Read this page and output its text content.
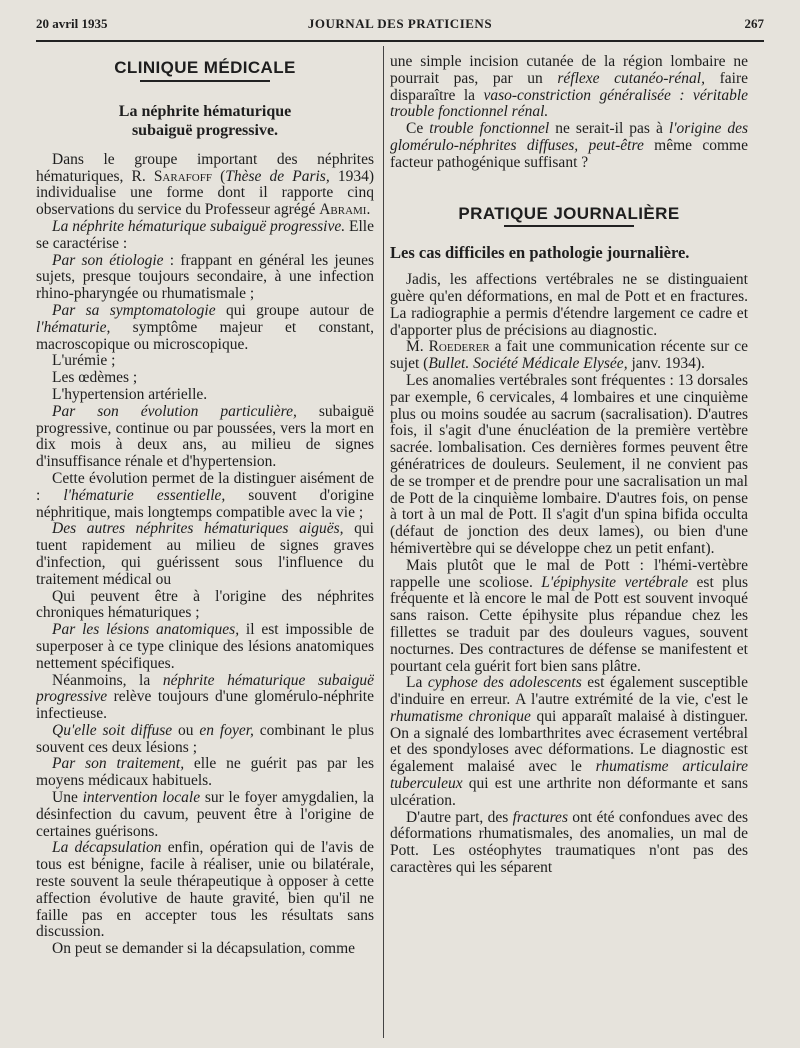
20 avril 1935	JOURNAL DES PRATICIENS	267
CLINIQUE MÉDICALE
La néphrite hématurique
subaiguë progressive.

Dans le groupe important des néphrites hématuriques, R. Sarafoff (Thèse de Paris, 1934) individualise une forme dont il rapporte cinq observations du service du Professeur agrégé Abrami.

La néphrite hématurique subaiguë progressive. Elle se caractérise :

Par son étiologie : frappant en général les jeunes sujets, presque toujours secondaire, à une infection rhino-pharyngée ou rhumatismale ;

Par sa symptomatologie qui groupe autour de l'hématurie, symptôme majeur et constant, macroscopique ou microscopique.

L'urémie ;

Les œdèmes ;

L'hypertension artérielle.

Par son évolution particulière, subaiguë progressive, continue ou par poussées, vers la mort en dix mois à deux ans, au milieu de signes d'insuffisance rénale et d'hypertension.

Cette évolution permet de la distinguer aisément de : l'hématurie essentielle, souvent d'origine néphritique, mais longtemps compatible avec la vie ;

Des autres néphrites hématuriques aiguës, qui tuent rapidement au milieu de signes graves d'infection, qui guérissent sous l'influence du traitement médical ou

Qui peuvent être à l'origine des néphrites chroniques hématuriques ;

Par les lésions anatomiques, il est impossible de superposer à ce type clinique des lésions anatomiques nettement spécifiques.

Néanmoins, la néphrite hématurique subaiguë progressive relève toujours d'une glomérulo-néphrite infectieuse.

Qu'elle soit diffuse ou en foyer, combinant le plus souvent ces deux lésions ;

Par son traitement, elle ne guérit pas par les moyens médicaux habituels.

Une intervention locale sur le foyer amygdalien, la désinfection du cavum, peuvent être à l'origine de certaines guérisons.

La décapsulation enfin, opération qui de l'avis de tous est bénigne, facile à réaliser, unie ou bilatérale, reste souvent la seule thérapeutique à opposer à cette affection évolutive de haute gravité, bien qu'il ne faille pas en accepter tous les résultats sans discussion.

On peut se demander si la décapsulation, comme

une simple incision cutanée de la région lombaire ne pourrait pas, par un réflexe cutanéo-rénal, faire disparaître la vaso-constriction généralisée : véritable trouble fonctionnel rénal.

Ce trouble fonctionnel ne serait-il pas à l'origine des glomérulo-néphrites diffuses, peut-être même comme facteur pathogénique suffisant ?

PRATIQUE JOURNALIÈRE
Les cas difficiles en pathologie journalière.

Jadis, les affections vertébrales ne se distinguaient guère qu'en déformations, en mal de Pott et en fractures. La radiographie a permis d'étendre largement ce cadre et d'apporter plus de précisions au diagnostic.

M. Roederer a fait une communication récente sur ce sujet (Bullet. Société Médicale Elysée, janv. 1934).

Les anomalies vertébrales sont fréquentes : 13 dorsales par exemple, 6 cervicales, 4 lombaires et une cinquième plus ou moins soudée au sacrum (sacralisation). D'autres fois, il s'agit d'une énucléation de la première vertèbre sacrée. lombalisation. Ces dernières formes peuvent être génératrices de douleurs. Seulement, il ne convient pas de se tromper et de prendre pour une sacralisation un mal de Pott de la cinquième lombaire. D'autres fois, on pense à tort à un mal de Pott. Il s'agit d'un spina bifida occulta (défaut de jonction des deux lames), ou bien d'une hémivertèbre qui se développe chez un petit enfant).

Mais plutôt que le mal de Pott : l'hémi-vertèbre rappelle une scoliose. L'épiphysite vertébrale est plus fréquente et là encore le mal de Pott est souvent invoqué sans raison. Cette épihysite plus répandue chez les fillettes se traduit par des douleurs vagues, souvent nocturnes. Des contractures de défense se manifestent et pourtant cela guérit fort bien sans plâtre.

La cyphose des adolescents est également susceptible d'induire en erreur. A l'autre extrémité de la vie, c'est le rhumatisme chronique qui apparaît malaisé à distinguer. On a signalé des lombarthrites avec écrasement vertébral et des spondyloses avec déformations. Le diagnostic est également malaisé avec le rhumatisme articulaire tuberculeux qui est une arthrite non déformante et sans ulcération.

D'autre part, des fractures ont été confondues avec des déformations rhumatismales, des anomalies, un mal de Pott. Les ostéophytes traumatiques n'ont pas des caractères qui les séparent
